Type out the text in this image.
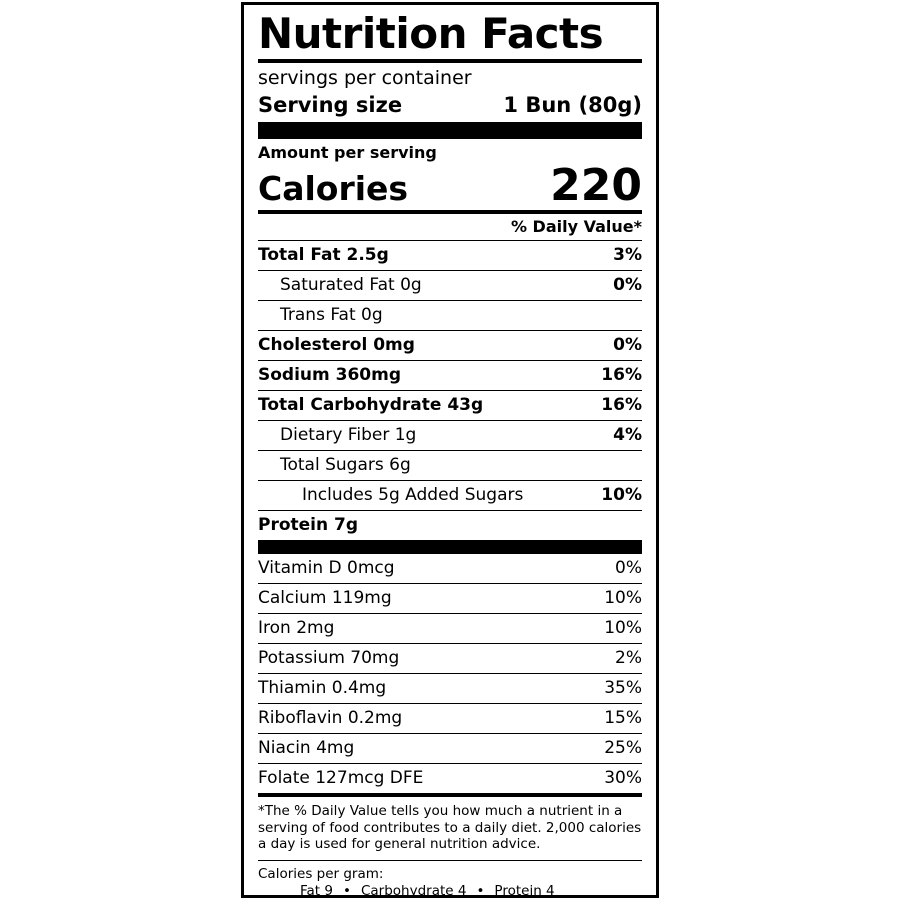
Nutrition Facts
servings per container
Serving size	1 Bun (80g)
Amount per serving
Calories	220
% Daily Value*
Total Fat 2.5g	3%
Saturated Fat 0g	0%
Trans Fat 0g
Cholesterol 0mg	0%
Sodium 360mg	16%
Total Carbohydrate 43g	16%
Dietary Fiber 1g	4%
Total Sugars 6g
Includes 5g Added Sugars	10%
Protein 7g
Vitamin D 0mcg	0%
Calcium 119mg	10%
Iron 2mg	10%
Potassium 70mg	2%
Thiamin 0.4mg	35%
Riboflavin 0.2mg	15%
Niacin 4mg	25%
Folate 127mcg DFE	30%
*The % Daily Value tells you how much a nutrient in a serving of food contributes to a daily diet. 2,000 calories a day is used for general nutrition advice.
Calories per gram:
Fat 9 • Carbohydrate 4 • Protein 4
